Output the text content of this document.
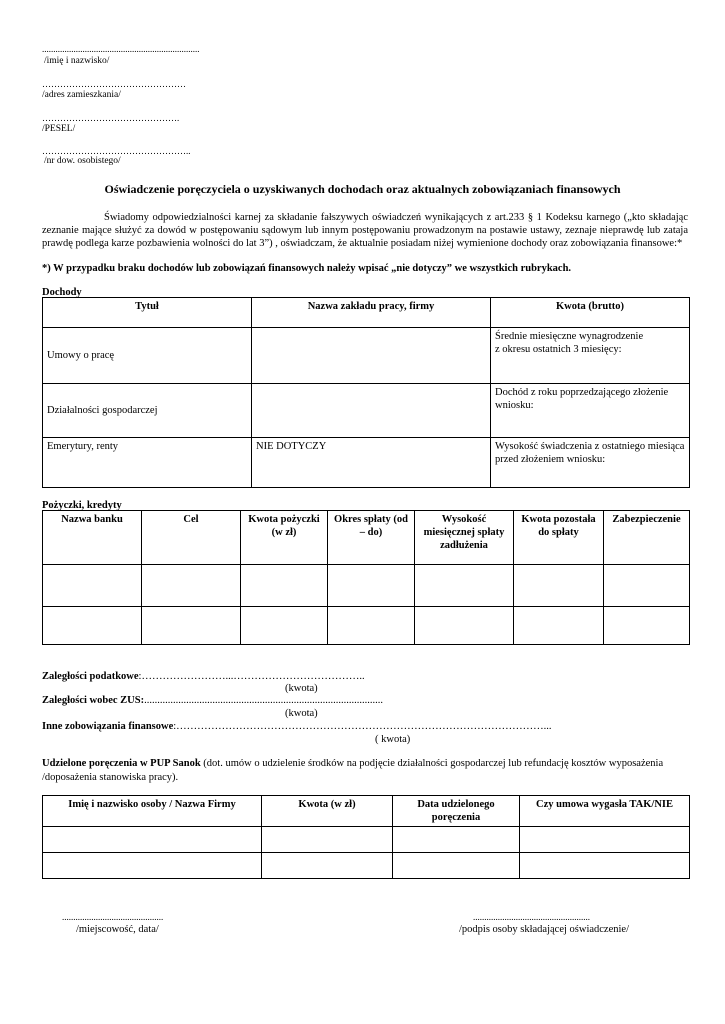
......................................................................
/imię i nazwisko/
…………………………………………
/adres zamieszkania/
……………………………………….
/PESEL/
…………………………………………..
/nr dow. osobistego/
Oświadczenie poręczyciela o uzyskiwanych dochodach oraz aktualnych zobowiązaniach finansowych
Świadomy odpowiedzialności karnej za składanie fałszywych oświadczeń wynikających z art.233 § 1 Kodeksu karnego („kto składając zeznanie mające służyć za dowód w postępowaniu sądowym lub innym postępowaniu prowadzonym na postawie ustawy, zeznaje nieprawdę lub zataja prawdę podlega karze pozbawienia wolności do lat 3”) , oświadczam, że aktualnie posiadam niżej wymienione dochody oraz zobowiązania finansowe:*
*) W przypadku braku dochodów lub zobowiązań finansowych należy wpisać „nie dotyczy” we wszystkich rubrykach.
Dochody
Tytuł	Nazwa zakładu pracy, firmy	Kwota (brutto)
Umowy o pracę		Średnie miesięczne wynagrodzenie
z okresu ostatnich 3 miesięcy:
Działalności gospodarczej		Dochód z roku poprzedzającego złożenie wniosku:
Emerytury, renty	NIE DOTYCZY	Wysokość świadczenia z ostatniego miesiąca przed złożeniem wniosku:
Pożyczki, kredyty
Nazwa banku	Cel	Kwota pożyczki (w zł)	Okres spłaty (od – do)	Wysokość miesięcznej spłaty zadłużenia	Kwota pozostała do spłaty	Zabezpieczenie

Zaległości podatkowe:……………………...………………………………..
(kwota)
Zaległości wobec ZUS:...........................................................................................
(kwota)
Inne zobowiązania finansowe:……………………………………………………………………………………………...
( kwota)
Udzielone poręczenia w PUP Sanok (dot. umów o udzielenie środków na podjęcie działalności gospodarczej lub refundację kosztów wyposażenia /doposażenia stanowiska pracy).
Imię i nazwisko osoby / Nazwa Firmy	Kwota (w zł)	Data udzielonego poręczenia	Czy umowa wygasła TAK/NIE

.............................................
/miejscowość, data/
....................................................
/podpis osoby składającej oświadczenie/
